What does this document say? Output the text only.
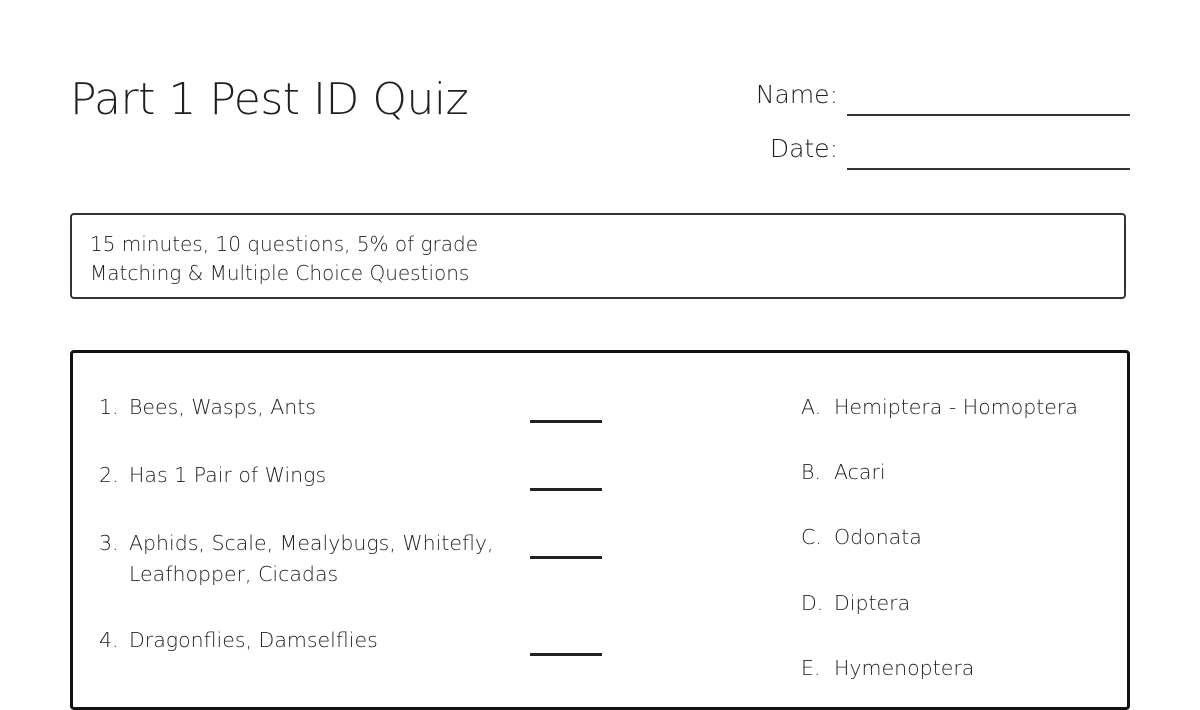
Part 1 Pest ID Quiz	Name:
Date:
15 minutes, 10 questions, 5% of grade
Matching & Multiple Choice Questions
1. Bees, Wasps, Ants
2. Has 1 Pair of Wings
3. Aphids, Scale, Mealybugs, Whitefly,
Leafhopper, Cicadas
4. Dragonflies, Damselflies
A. Hemiptera - Homoptera
B. Acari
C. Odonata
D. Diptera
E. Hymenoptera
